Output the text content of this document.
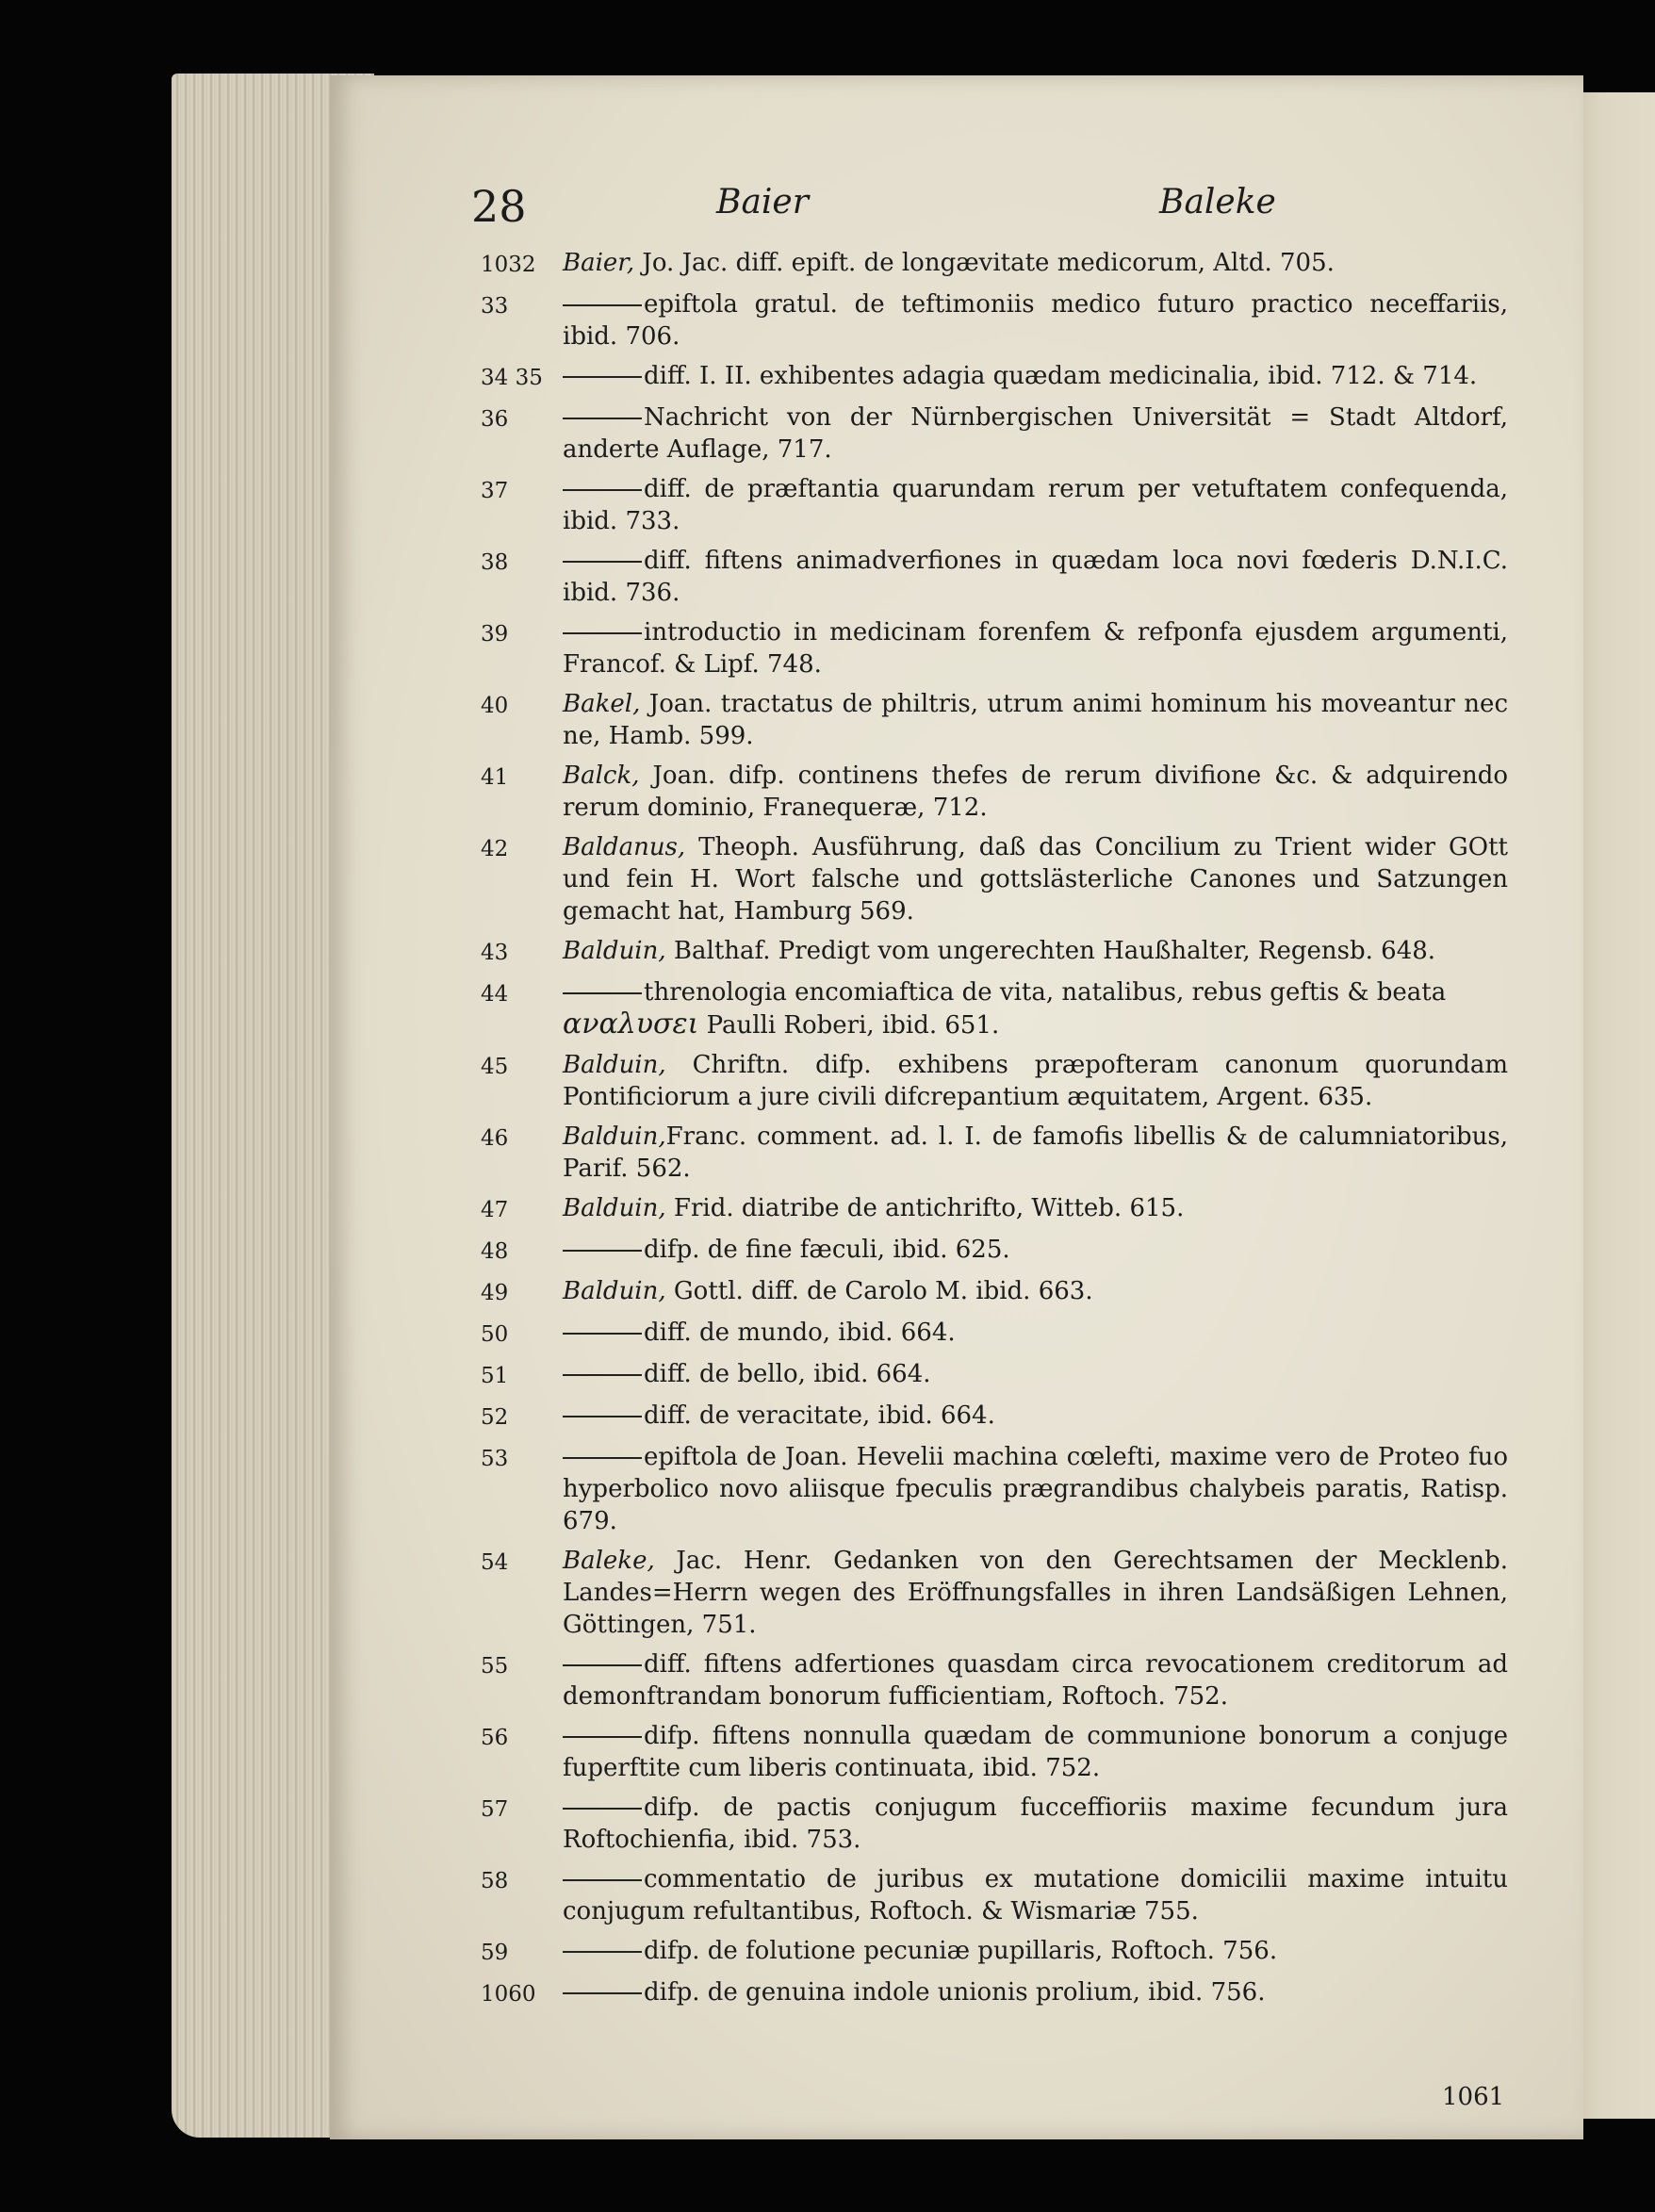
28	Baier	Baleke
1032	Baier, Jo. Jac. diff. epift. de longævitate medicorum, Altd. 705.
33	epiftola gratul. de teftimoniis medico futuro practico neceffariis, ibid. 706.
34 35	diff. I. II. exhibentes adagia quædam medicinalia, ibid. 712. & 714.
36	Nachricht von der Nürnbergischen Universität = Stadt Altdorf, anderte Auflage, 717.
37	diff. de præftantia quarundam rerum per vetuftatem confequenda, ibid. 733.
38	diff. fiftens animadverfiones in quædam loca novi fœderis D.N.I.C. ibid. 736.
39	introductio in medicinam forenfem & refponfa ejusdem argumenti, Francof. & Lipf. 748.
40	Bakel, Joan. tractatus de philtris, utrum animi hominum his moveantur nec ne, Hamb. 599.
41	Balck, Joan. difp. continens thefes de rerum divifione &c. & adquirendo rerum dominio, Franequeræ, 712.
42	Baldanus, Theoph. Ausführung, daß das Concilium zu Trient wider GOtt und fein H. Wort falsche und gottslästerliche Canones und Satzungen gemacht hat, Hamburg 569.
43	Balduin, Balthaf. Predigt vom ungerechten Haußhalter, Regensb. 648.
44	threnologia encomiaftica de vita, natalibus, rebus geftis & beata
αναλυσει Paulli Roberi, ibid. 651.
45	Balduin, Chriftn. difp. exhibens præpofteram canonum quorundam Pontificiorum a jure civili difcrepantium æquitatem, Argent. 635.
46	Balduin,Franc. comment. ad. l. I. de famofis libellis & de calumniatoribus, Parif. 562.
47	Balduin, Frid. diatribe de antichrifto, Witteb. 615.
48	difp. de fine fæculi, ibid. 625.
49	Balduin, Gottl. diff. de Carolo M. ibid. 663.
50	diff. de mundo, ibid. 664.
51	diff. de bello, ibid. 664.
52	diff. de veracitate, ibid. 664.
53	epiftola de Joan. Hevelii machina cœlefti, maxime vero de Proteo fuo hyperbolico novo aliisque fpeculis prægrandibus chalybeis paratis, Ratisp. 679.
54	Baleke, Jac. Henr. Gedanken von den Gerechtsamen der Mecklenb. Landes=Herrn wegen des Eröffnungsfalles in ihren Landsäßigen Lehnen, Göttingen, 751.
55	diff. fiftens adfertiones quasdam circa revocationem creditorum ad demonftrandam bonorum fufficientiam, Roftoch. 752.
56	difp. fiftens nonnulla quædam de communione bonorum a conjuge fuperftite cum liberis continuata, ibid. 752.
57	difp. de pactis conjugum fucceffioriis maxime fecundum jura Roftochienfia, ibid. 753.
58	commentatio de juribus ex mutatione domicilii maxime intuitu conjugum refultantibus, Roftoch. & Wismariæ 755.
59	difp. de folutione pecuniæ pupillaris, Roftoch. 756.
1060	difp. de genuina indole unionis prolium, ibid. 756.
1061
